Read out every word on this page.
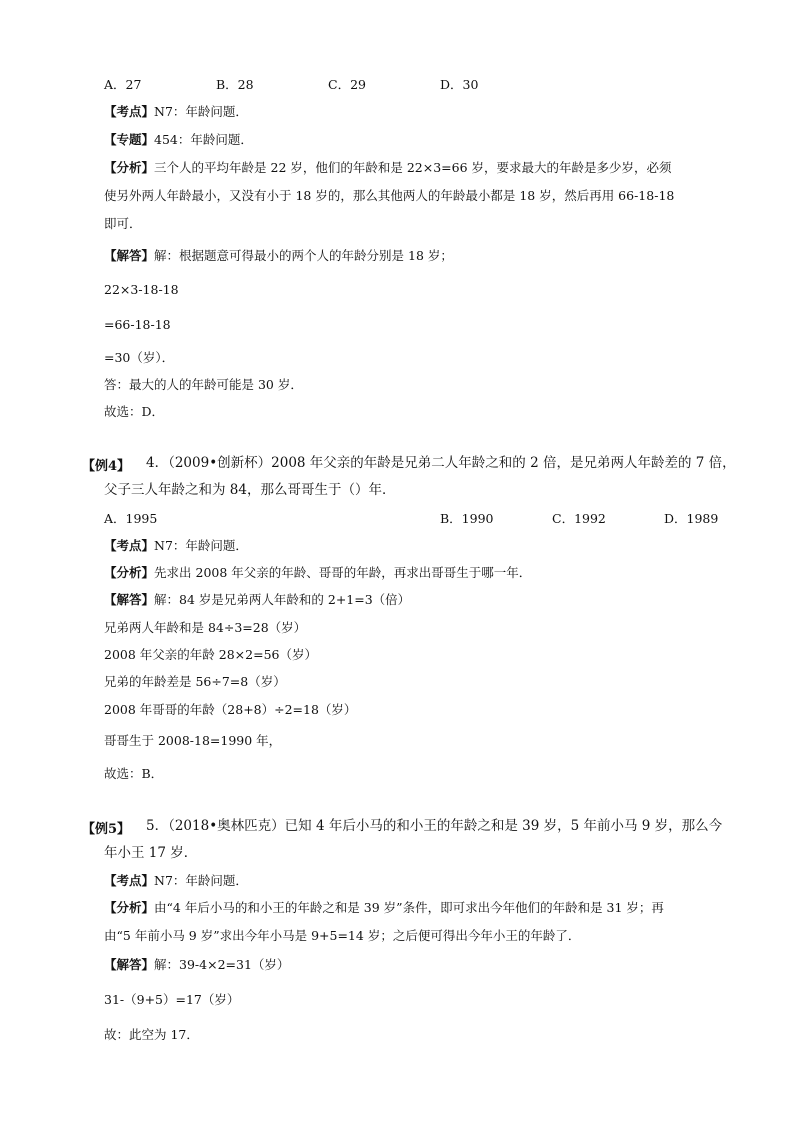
A．27	B．28	C．29	D．30
【考点】N7：年龄问题．
【专题】454：年龄问题．
【分析】三个人的平均年龄是 22 岁，他们的年龄和是 22×3=66 岁，要求最大的年龄是多少岁，必须
使另外两人年龄最小，又没有小于 18 岁的，那么其他两人的年龄最小都是 18 岁，然后再用 66-18-18
即可．
【解答】解：根据题意可得最小的两个人的年龄分别是 18 岁；
22×3-18-18
=66-18-18
=30（岁）．
答：最大的人的年龄可能是 30 岁．
故选：D．
【例4】 4．（2009•创新杯）2008 年父亲的年龄是兄弟二人年龄之和的 2 倍，是兄弟两人年龄差的 7 倍，
父子三人年龄之和为 84，那么哥哥生于（）年．
A．1995	B．1990	C．1992	D．1989
【考点】N7：年龄问题．
【分析】先求出 2008 年父亲的年龄、哥哥的年龄，再求出哥哥生于哪一年．
【解答】解：84 岁是兄弟两人年龄和的 2+1=3（倍）
兄弟两人年龄和是 84÷3=28（岁）
2008 年父亲的年龄 28×2=56（岁）
兄弟的年龄差是 56÷7=8（岁）
2008 年哥哥的年龄（28+8）÷2=18（岁）
哥哥生于 2008-18=1990 年，
故选：B．
【例5】 5．（2018•奥林匹克）已知 4 年后小马的和小王的年龄之和是 39 岁，5 年前小马 9 岁，那么今
年小王 17 岁．
【考点】N7：年龄问题．
【分析】由“4 年后小马的和小王的年龄之和是 39 岁”条件，即可求出今年他们的年龄和是 31 岁；再
由“5 年前小马 9 岁”求出今年小马是 9+5=14 岁；之后便可得出今年小王的年龄了．
【解答】解：39-4×2=31（岁）
31-（9+5）=17（岁）
故：此空为 17．
